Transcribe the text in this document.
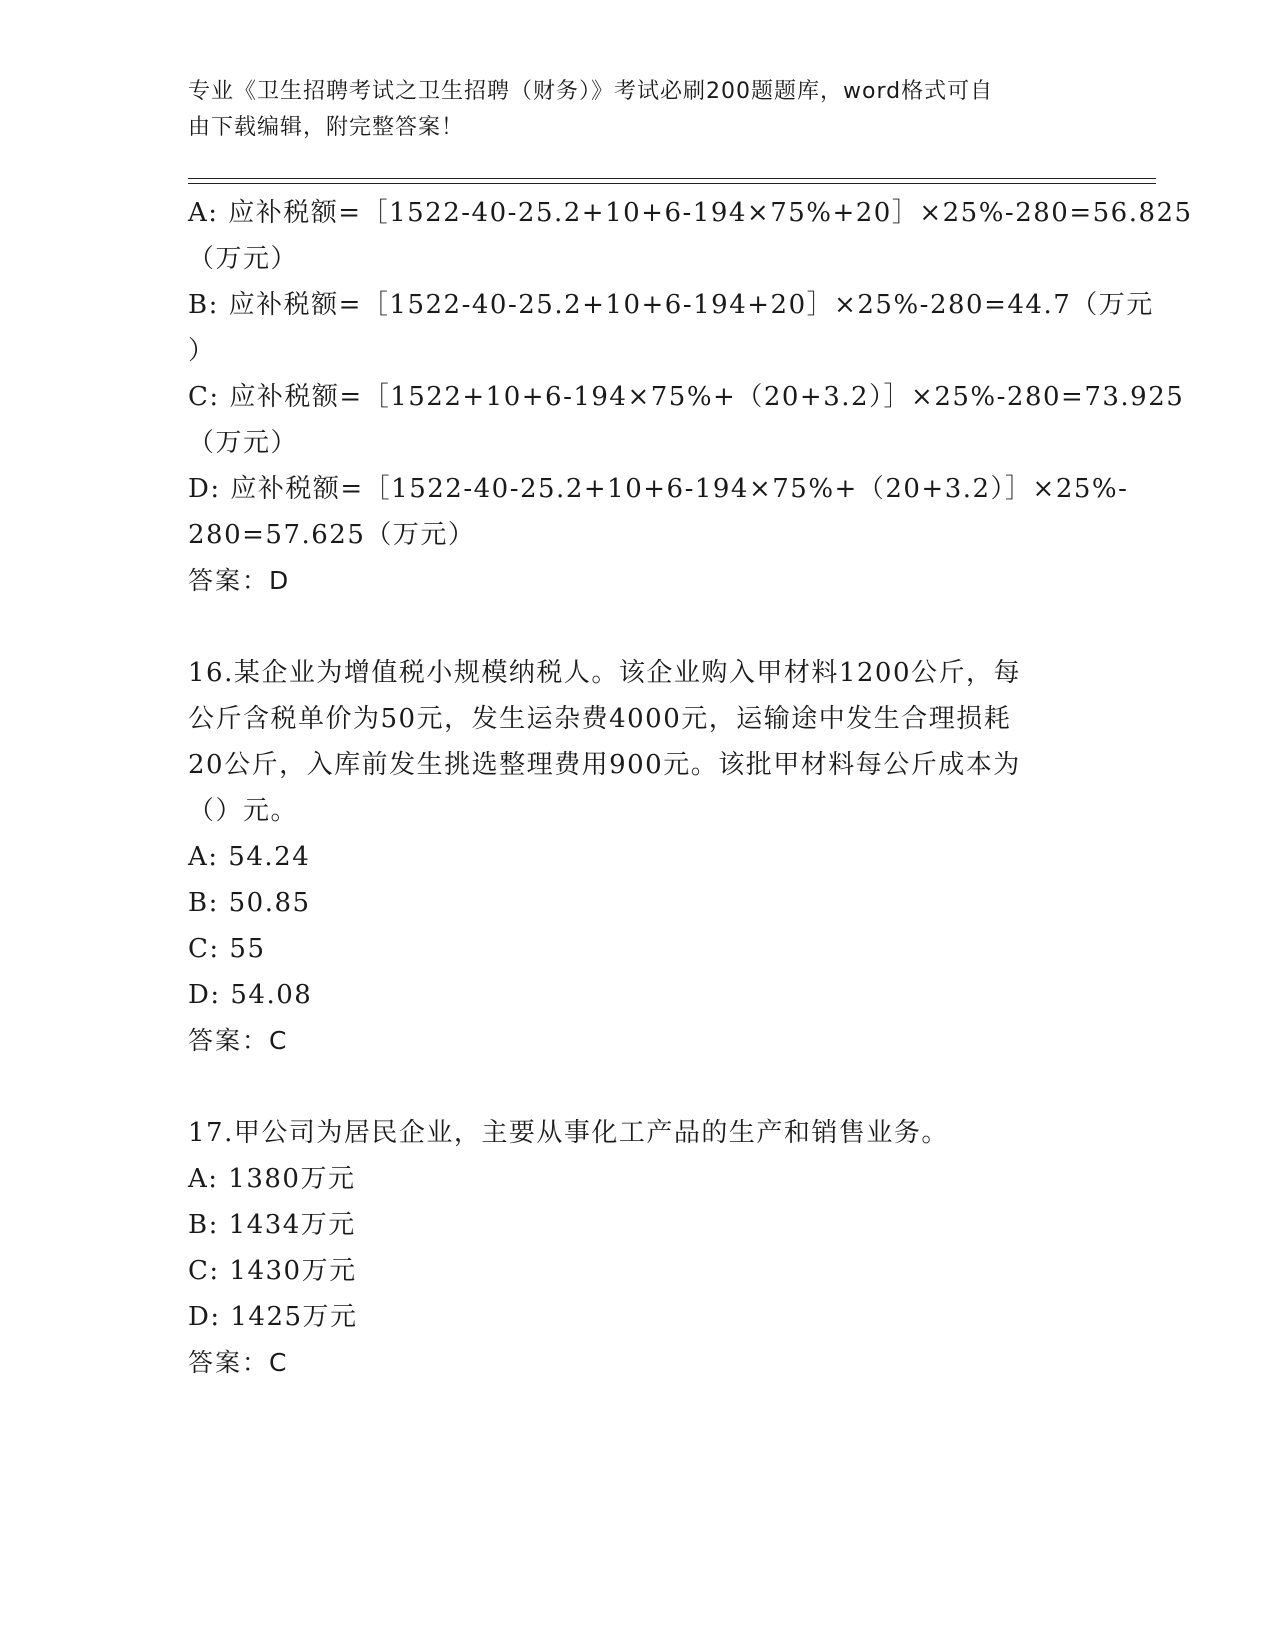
专业《卫生招聘考试之卫生招聘（财务）》考试必刷200题题库，word格式可自
由下载编辑，附完整答案！
A: 应补税额=［1522-40-25.2+10+6-194×75%+20］×25%-280=56.825
（万元）
B: 应补税额=［1522-40-25.2+10+6-194+20］×25%-280=44.7（万元
）
C: 应补税额=［1522+10+6-194×75%+（20+3.2）］×25%-280=73.925
（万元）
D: 应补税额=［1522-40-25.2+10+6-194×75%+（20+3.2）］×25%-
280=57.625（万元）
答案：D
16.某企业为增值税小规模纳税人。该企业购入甲材料1200公斤，每
公斤含税单价为50元，发生运杂费4000元，运输途中发生合理损耗
20公斤，入库前发生挑选整理费用900元。该批甲材料每公斤成本为
（）元。
A: 54.24
B: 50.85
C: 55
D: 54.08
答案：C
17.甲公司为居民企业，主要从事化工产品的生产和销售业务。
A: 1380万元
B: 1434万元
C: 1430万元
D: 1425万元
答案：C
